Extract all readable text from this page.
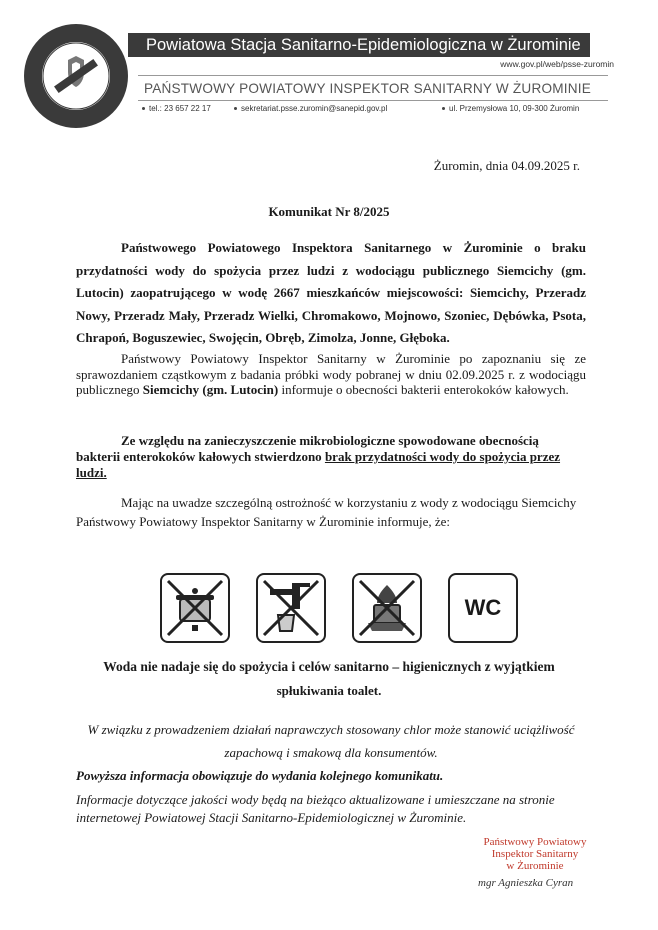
Powiatowa Stacja Sanitarno-Epidemiologiczna w Żurominie
www.gov.pl/web/psse-zuromin
PAŃSTWOWY POWIATOWY INSPEKTOR SANITARNY W ŻUROMINIE
tel.: 23 657 22 17	sekretariat.psse.zuromin@sanepid.gov.pl	ul. Przemysłowa 10, 09-300 Żuromin
Żuromin, dnia 04.09.2025 r.
Komunikat Nr 8/2025
Państwowego Powiatowego Inspektora Sanitarnego w Żurominie o braku przydatności wody do spożycia przez ludzi z wodociągu publicznego Siemcichy (gm. Lutocin) zaopatrującego w wodę 2667 mieszkańców miejscowości: Siemcichy, Przeradz Nowy, Przeradz Mały, Przeradz Wielki, Chromakowo, Mojnowo, Szoniec, Dębówka, Psota, Chrapoń, Boguszewiec, Swojęcin, Obręb, Zimolza, Jonne, Głęboka.
Państwowy Powiatowy Inspektor Sanitarny w Żurominie po zapoznaniu się ze sprawozdaniem cząstkowym z badania próbki wody pobranej w dniu 02.09.2025 r. z wodociągu publicznego Siemcichy (gm. Lutocin) informuje o obecności bakterii enterokoków kałowych.
Ze względu na zanieczyszczenie mikrobiologiczne spowodowane obecnością bakterii enterokoków kałowych stwierdzono brak przydatności wody do spożycia przez ludzi.
Mając na uwadze szczególną ostrożność w korzystaniu z wody z wodociągu Siemcichy Państwowy Powiatowy Inspektor Sanitarny w Żurominie informuje, że:
WC
Woda nie nadaje się do spożycia i celów sanitarno – higienicznych z wyjątkiem
spłukiwania toalet.
W związku z prowadzeniem działań naprawczych stosowany chlor może stanowić uciążliwość zapachową i smakową dla konsumentów.
Powyższa informacja obowiązuje do wydania kolejnego komunikatu.
Informacje dotyczące jakości wody będą na bieżąco aktualizowane i umieszczane na stronie internetowej Powiatowej Stacji Sanitarno-Epidemiologicznej w Żurominie.
Państwowy Powiatowy
Inspektor Sanitarny
w Żurominie
mgr Agnieszka Cyran
